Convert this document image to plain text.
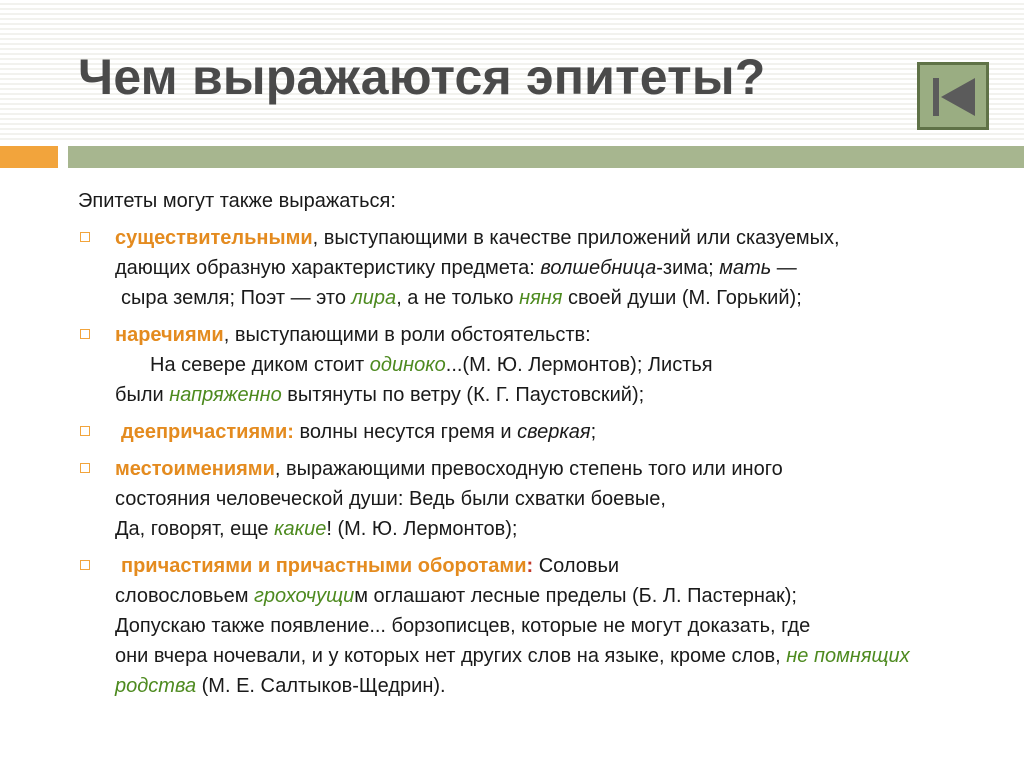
Чем выражаются эпитеты?

Эпитеты могут также выражаться:

существительными, выступающими в качестве приложений или сказуемых,
дающих образную характеристику предмета: волшебница-зима; мать —
сыра земля; Поэт — это лира, а не только няня своей души (М. Горький);
наречиями, выступающими в роли обстоятельств:
На севере диком стоит одиноко...(М. Ю. Лермонтов); Листья
были напряженно вытянуты по ветру (К. Г. Паустовский);
деепричастиями: волны несутся гремя и сверкая;
местоимениями, выражающими превосходную степень того или иного
состояния человеческой души: Ведь были схватки боевые,
Да, говорят, еще какие! (М. Ю. Лермонтов);
причастиями и причастными оборотами: Соловьи
словословьем грохочущим оглашают лесные пределы (Б. Л. Пастернак);
Допускаю также появление... борзописцев, которые не могут доказать, где
они вчера ночевали, и у которых нет других слов на языке, кроме слов, не помнящих родства (М. Е. Салтыков-Щедрин).
